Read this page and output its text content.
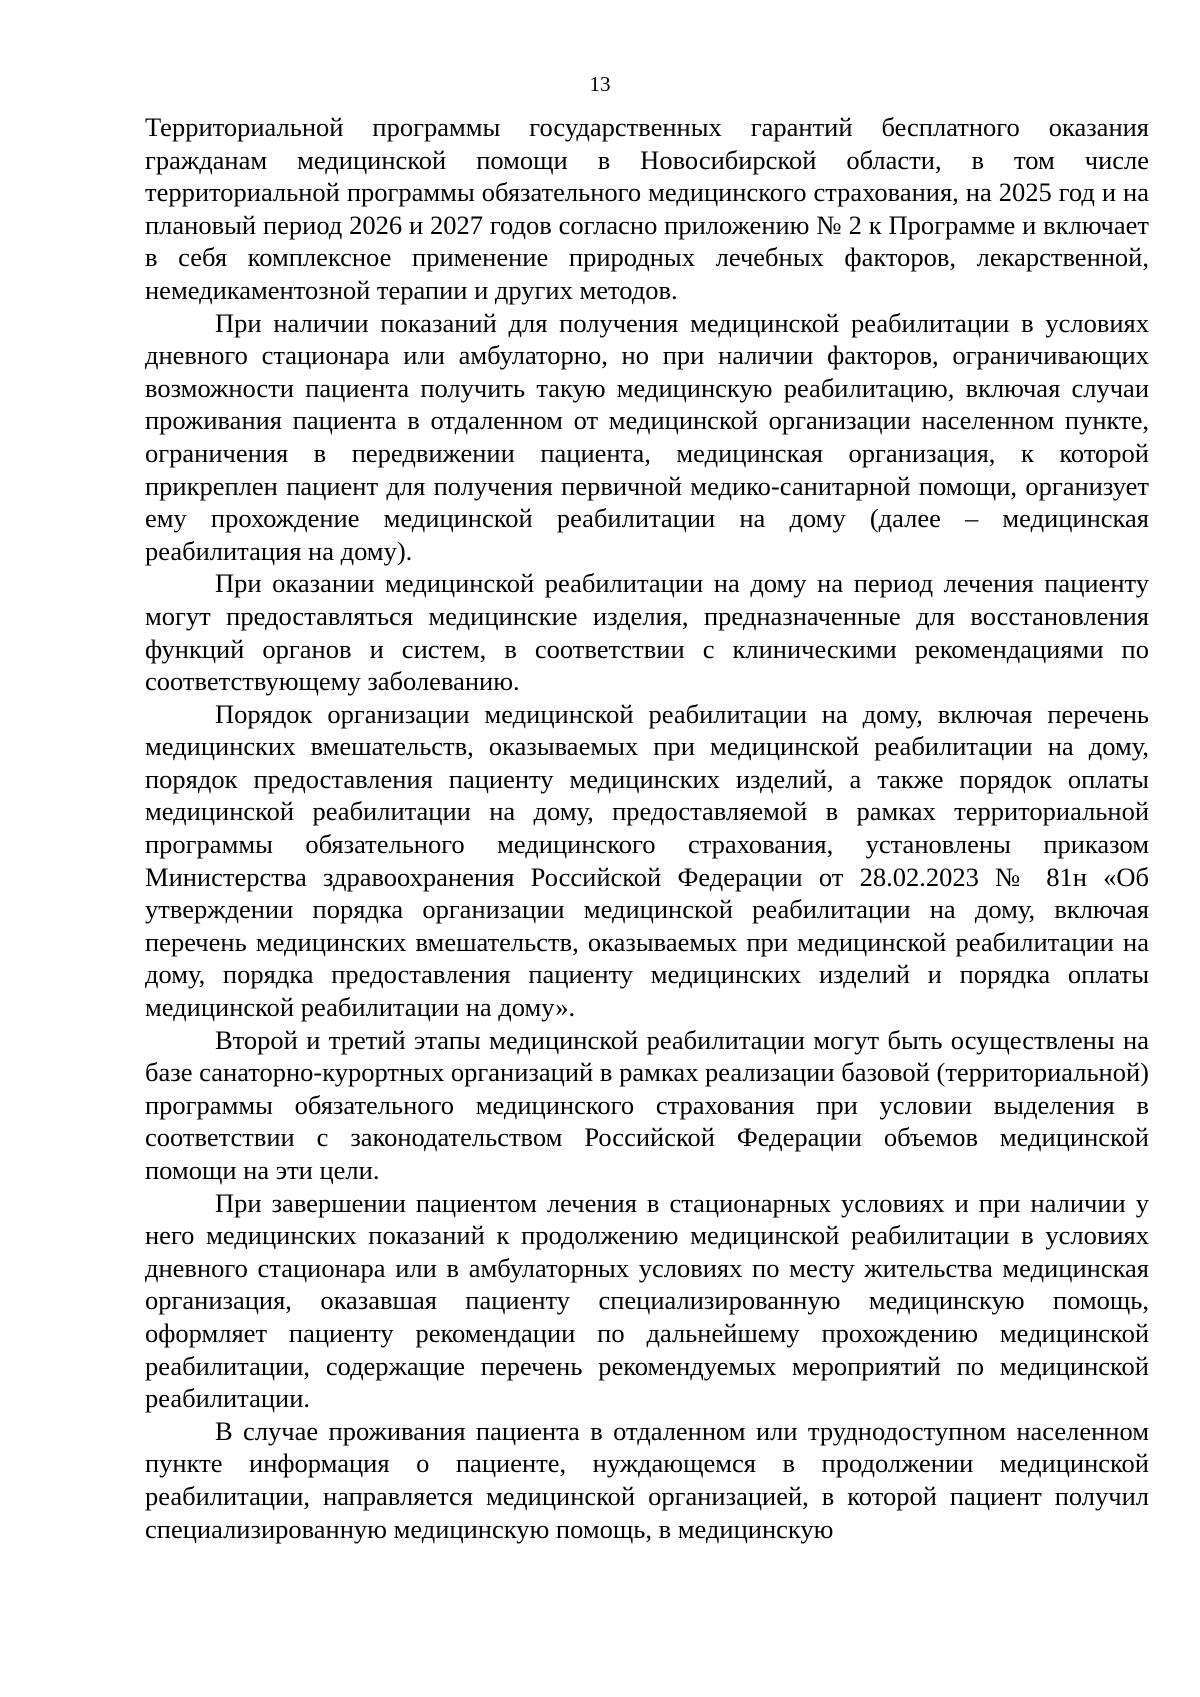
13

Территориальной программы государственных гарантий бесплатного оказания гражданам медицинской помощи в Новосибирской области, в том числе территориальной программы обязательного медицинского страхования, на 2025 год и на плановый период 2026 и 2027 годов согласно приложению № 2 к Программе и включает в себя комплексное применение природных лечебных факторов, лекарственной, немедикаментозной терапии и других методов.

При наличии показаний для получения медицинской реабилитации в условиях дневного стационара или амбулаторно, но при наличии факторов, ограничивающих возможности пациента получить такую медицинскую реабилитацию, включая случаи проживания пациента в отдаленном от медицинской организации населенном пункте, ограничения в передвижении пациента, медицинская организация, к которой прикреплен пациент для получения первичной медико-санитарной помощи, организует ему прохождение медицинской реабилитации на дому (далее – медицинская реабилитация на дому).

При оказании медицинской реабилитации на дому на период лечения пациенту могут предоставляться медицинские изделия, предназначенные для восстановления функций органов и систем, в соответствии с клиническими рекомендациями по соответствующему заболеванию.

Порядок организации медицинской реабилитации на дому, включая перечень медицинских вмешательств, оказываемых при медицинской реабилитации на дому, порядок предоставления пациенту медицинских изделий, а также порядок оплаты медицинской реабилитации на дому, предоставляемой в рамках территориальной программы обязательного медицинского страхования, установлены приказом Министерства здравоохранения Российской Федерации от 28.02.2023 № 81н «Об утверждении порядка организации медицинской реабилитации на дому, включая перечень медицинских вмешательств, оказываемых при медицинской реабилитации на дому, порядка предоставления пациенту медицинских изделий и порядка оплаты медицинской реабилитации на дому».

Второй и третий этапы медицинской реабилитации могут быть осуществлены на базе санаторно-курортных организаций в рамках реализации базовой (территориальной) программы обязательного медицинского страхования при условии выделения в соответствии с законодательством Российской Федерации объемов медицинской помощи на эти цели.

При завершении пациентом лечения в стационарных условиях и при наличии у него медицинских показаний к продолжению медицинской реабилитации в условиях дневного стационара или в амбулаторных условиях по месту жительства медицинская организация, оказавшая пациенту специализированную медицинскую помощь, оформляет пациенту рекомендации по дальнейшему прохождению медицинской реабилитации, содержащие перечень рекомендуемых мероприятий по медицинской реабилитации.

В случае проживания пациента в отдаленном или труднодоступном населенном пункте информация о пациенте, нуждающемся в продолжении медицинской реабилитации, направляется медицинской организацией, в которой пациент получил специализированную медицинскую помощь, в медицинскую
